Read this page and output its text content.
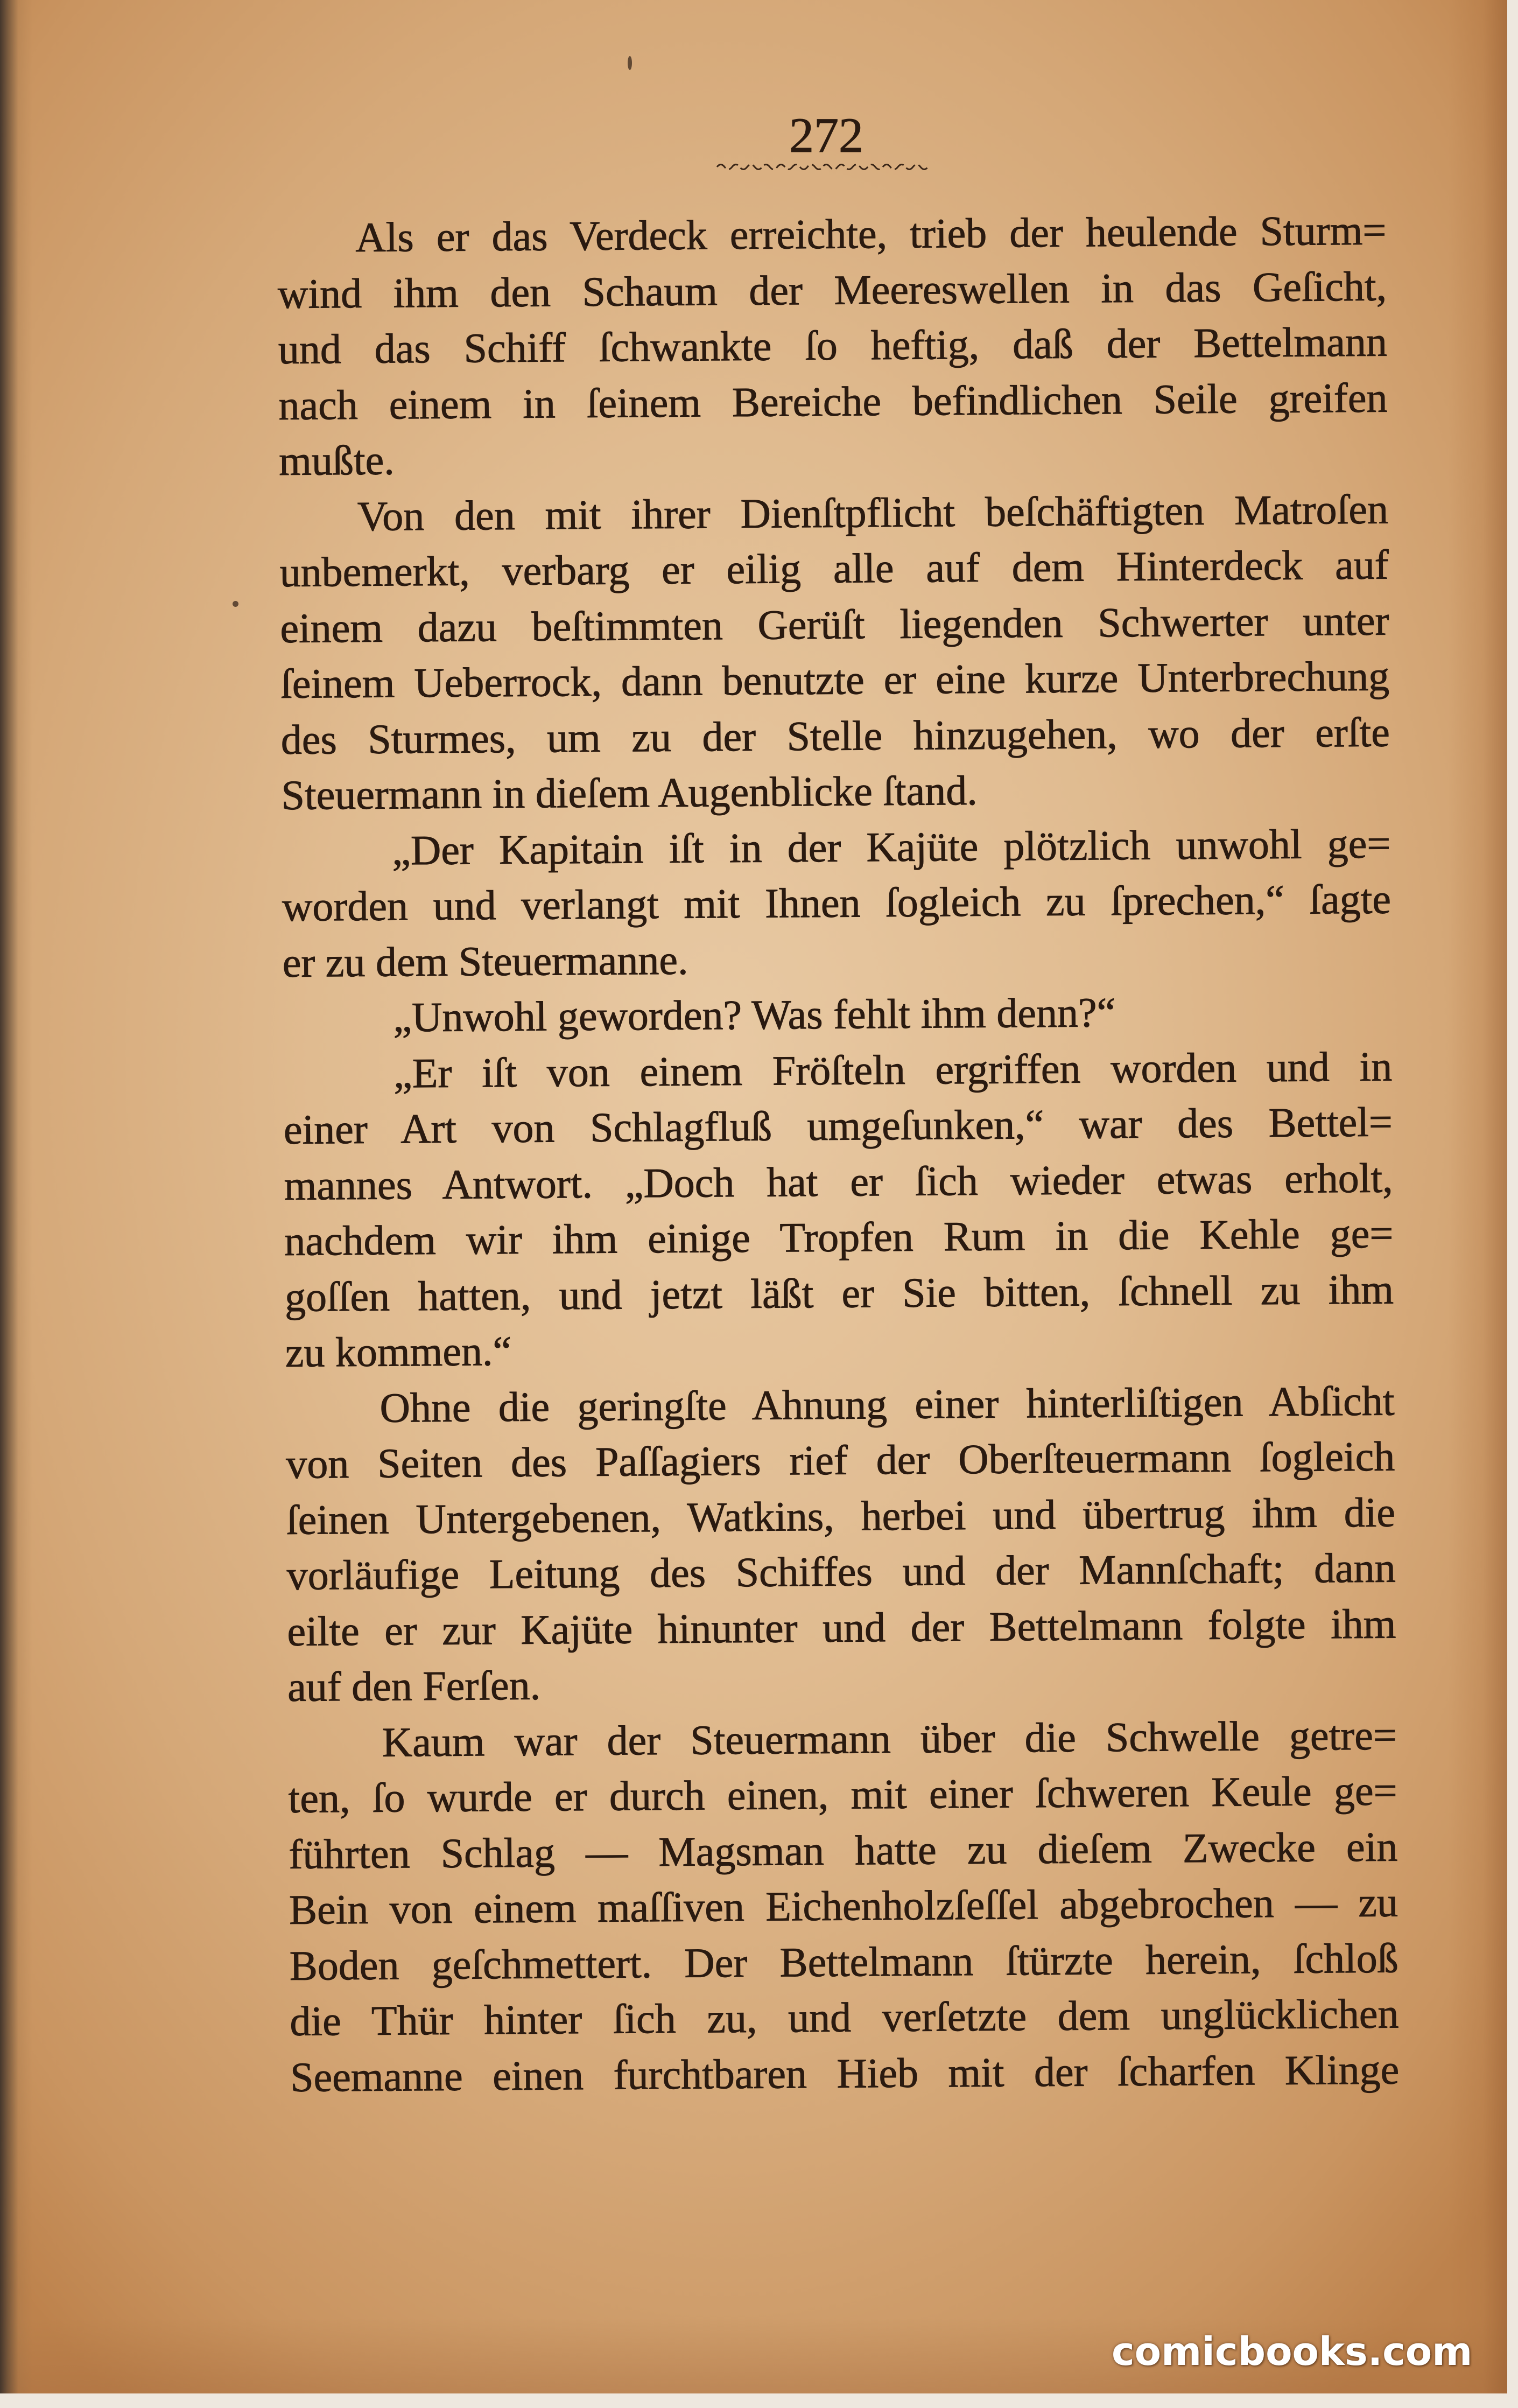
272
Als er das Verdeck erreichte, trieb der heulende Sturm=
wind ihm den Schaum der Meereswellen in das Geſicht,
und das Schiff ſchwankte ſo heftig, daß der Bettelmann
nach einem in ſeinem Bereiche befindlichen Seile greifen
mußte.
Von den mit ihrer Dienſtpflicht beſchäftigten Matroſen
unbemerkt, verbarg er eilig alle auf dem Hinterdeck auf
einem dazu beſtimmten Gerüſt liegenden Schwerter unter
ſeinem Ueberrock, dann benutzte er eine kurze Unterbrechung
des Sturmes, um zu der Stelle hinzugehen, wo der erſte
Steuermann in dieſem Augenblicke ſtand.
„Der Kapitain iſt in der Kajüte plötzlich unwohl ge=
worden und verlangt mit Ihnen ſogleich zu ſprechen,“ ſagte
er zu dem Steuermanne.
„Unwohl geworden? Was fehlt ihm denn?“
„Er iſt von einem Fröſteln ergriffen worden und in
einer Art von Schlagfluß umgeſunken,“ war des Bettel=
mannes Antwort. „Doch hat er ſich wieder etwas erholt,
nachdem wir ihm einige Tropfen Rum in die Kehle ge=
goſſen hatten, und jetzt läßt er Sie bitten, ſchnell zu ihm
zu kommen.“
Ohne die geringſte Ahnung einer hinterliſtigen Abſicht
von Seiten des Paſſagiers rief der Oberſteuermann ſogleich
ſeinen Untergebenen, Watkins, herbei und übertrug ihm die
vorläufige Leitung des Schiffes und der Mannſchaft; dann
eilte er zur Kajüte hinunter und der Bettelmann folgte ihm
auf den Ferſen.
Kaum war der Steuermann über die Schwelle getre=
ten, ſo wurde er durch einen, mit einer ſchweren Keule ge=
führten Schlag — Magsman hatte zu dieſem Zwecke ein
Bein von einem maſſiven Eichenholzſeſſel abgebrochen — zu
Boden geſchmettert. Der Bettelmann ſtürzte herein, ſchloß
die Thür hinter ſich zu, und verſetzte dem unglücklichen
Seemanne einen furchtbaren Hieb mit der ſcharfen Klinge
comicbooks.com
